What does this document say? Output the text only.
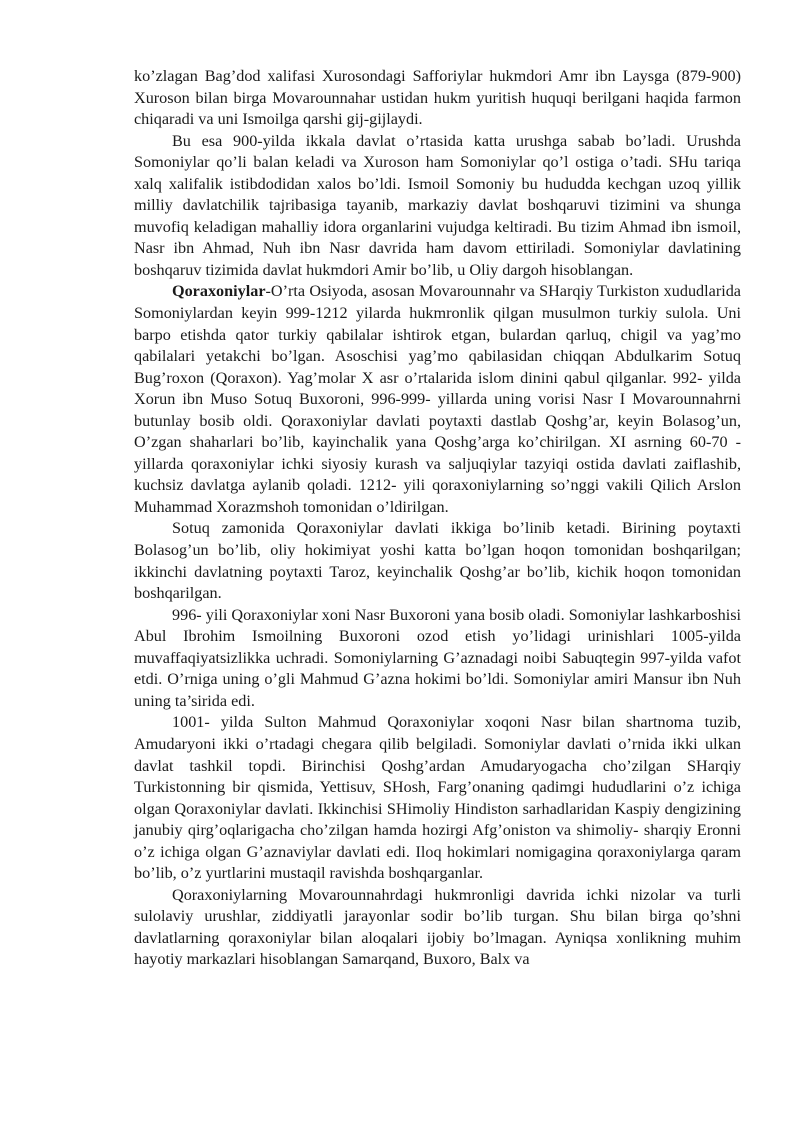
ko’zlagan Bag’dod xalifasi Xurosondagi Safforiylar hukmdori Amr ibn Laysga (879-900) Xuroson bilan birga Movarounnahar ustidan hukm yuritish huquqi berilgani haqida farmon chiqaradi va uni Ismoilga qarshi gij-gijlaydi.

Bu esa 900-yilda ikkala davlat o’rtasida katta urushga sabab bo’ladi. Urushda Somoniylar qo’li balan keladi va Xuroson ham Somoniylar qo’l ostiga o’tadi. SHu tariqa xalq xalifalik istibdodidan xalos bo’ldi. Ismoil Somoniy bu hududda kechgan uzoq yillik milliy davlatchilik tajribasiga tayanib, markaziy davlat boshqaruvi tizimini va shunga muvofiq keladigan mahalliy idora organlarini vujudga keltiradi. Bu tizim Ahmad ibn ismoil, Nasr ibn Ahmad, Nuh ibn Nasr davrida ham davom ettiriladi. Somoniylar davlatining boshqaruv tizimida davlat hukmdori Amir bo’lib, u Oliy dargoh hisoblangan.

Qoraxoniylar-O’rta Osiyoda, asosan Movarounnahr va SHarqiy Turkiston xududlarida Somoniylardan keyin 999-1212 yilarda hukmronlik qilgan musulmon turkiy sulola. Uni barpo etishda qator turkiy qabilalar ishtirok etgan, bulardan qarluq, chigil va yag’mo qabilalari yetakchi bo’lgan. Asoschisi yag’mo qabilasidan chiqqan Abdulkarim Sotuq Bug’roxon (Qoraxon). Yag’molar X asr o’rtalarida islom dinini qabul qilganlar. 992- yilda Xorun ibn Muso Sotuq Buxoroni, 996-999- yillarda uning vorisi Nasr I Movarounnahrni butunlay bosib oldi. Qoraxoniylar davlati poytaxti dastlab Qoshg’ar, keyin Bolasog’un, O’zgan shaharlari bo’lib, kayinchalik yana Qoshg’arga ko’chirilgan. XI asrning 60-70 - yillarda qoraxoniylar ichki siyosiy kurash va saljuqiylar tazyiqi ostida davlati zaiflashib, kuchsiz davlatga aylanib qoladi. 1212- yili qoraxoniylarning so’nggi vakili Qilich Arslon Muhammad Xorazmshoh tomonidan o’ldirilgan.

Sotuq zamonida Qoraxoniylar davlati ikkiga bo’linib ketadi. Birining poytaxti Bolasog’un bo’lib, oliy hokimiyat yoshi katta bo’lgan hoqon tomonidan boshqarilgan; ikkinchi davlatning poytaxti Taroz, keyinchalik Qoshg’ar bo’lib, kichik hoqon tomonidan boshqarilgan.

996- yili Qoraxoniylar xoni Nasr Buxoroni yana bosib oladi. Somoniylar lashkarboshisi Abul Ibrohim Ismoilning Buxoroni ozod etish yo’lidagi urinishlari 1005-yilda muvaffaqiyatsizlikka uchradi. Somoniylarning G’aznadagi noibi Sabuqtegin 997-yilda vafot etdi. O’rniga uning o’gli Mahmud G’azna hokimi bo’ldi. Somoniylar amiri Mansur ibn Nuh uning ta’sirida edi.

1001- yilda Sulton Mahmud Qoraxoniylar xoqoni Nasr bilan shartnoma tuzib, Amudaryoni ikki o’rtadagi chegara qilib belgiladi. Somoniylar davlati o’rnida ikki ulkan davlat tashkil topdi. Birinchisi Qoshg’ardan Amudaryogacha cho’zilgan SHarqiy Turkistonning bir qismida, Yettisuv, SHosh, Farg’onaning qadimgi hududlarini o’z ichiga olgan Qoraxoniylar davlati. Ikkinchisi SHimoliy Hindiston sarhadlaridan Kaspiy dengizining janubiy qirg’oqlarigacha cho’zilgan hamda hozirgi Afg’oniston va shimoliy- sharqiy Eronni o’z ichiga olgan G’aznaviylar davlati edi. Iloq hokimlari nomigagina qoraxoniylarga qaram bo’lib, o’z yurtlarini mustaqil ravishda boshqarganlar.

Qoraxoniylarning Movarounnahrdagi hukmronligi davrida ichki nizolar va turli sulolaviy urushlar, ziddiyatli jarayonlar sodir bo’lib turgan. Shu bilan birga qo’shni davlatlarning qoraxoniylar bilan aloqalari ijobiy bo’lmagan. Ayniqsa xonlikning muhim hayotiy markazlari hisoblangan Samarqand, Buxoro, Balx va
